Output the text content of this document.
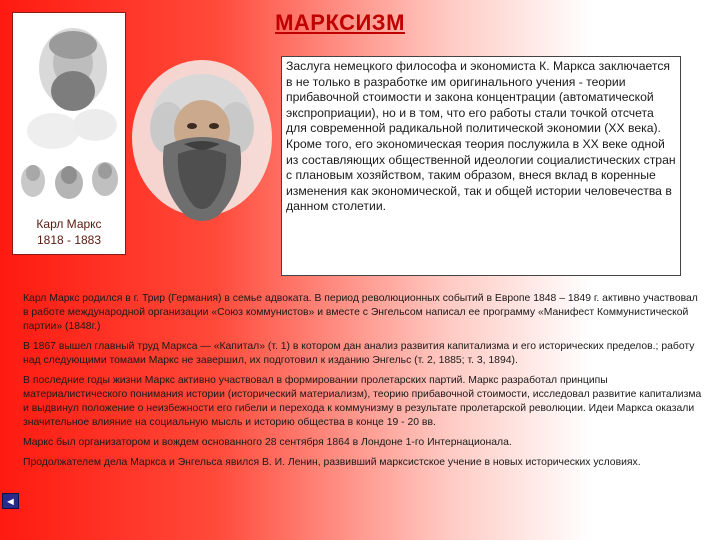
МАРКСИЗМ
Карл Маркс
1818 - 1883

Заслуга немецкого философа и экономиста К. Маркса заключается в не только в разработке им оригинального учения - теории прибавочной стоимости и закона концентрации (автоматической экспроприации), но и в том, что его работы стали точкой отсчета для современной радикальной политической экономии (XX века).

Кроме того, его экономическая теория послужила в XX веке одной из составляющих общественной идеологии социалистических стран с плановым хозяйством, таким образом, внеся вклад в коренные изменения как экономической, так и общей истории человечества в данном столетии.

Карл Маркс родился в г. Трир (Германия) в семье адвоката. В период революционных событий в Европе 1848 – 1849 г. активно участвовал в работе международной организации «Союз коммунистов» и вместе с Энгельсом написал ее программу «Манифест Коммунистической партии» (1848г.)

В 1867 вышел главный труд Маркса — «Капитал» (т. 1) в котором дан анализ развития капитализма и его исторических пределов.; работу над следующими томами Маркс не завершил, их подготовил к изданию Энгельс (т. 2, 1885; т. 3, 1894).

В последние годы жизни Маркс активно участвовал в формировании пролетарских партий. Маркс разработал принципы материалистического понимания истории (исторический материализм), теорию прибавочной стоимости, исследовал развитие капитализма и выдвинул положение о неизбежности его гибели и перехода к коммунизму в результате пролетарской революции. Идеи Маркса оказали значительное влияние на социальную мысль и историю общества в конце 19 - 20 вв.

Маркс был организатором и вождем основанного 28 сентября 1864 в Лондоне 1-го Интернационала.

Продолжателем дела Маркса и Энгельса явился В. И. Ленин, развивший марксистское учение в новых исторических условиях.

◄
